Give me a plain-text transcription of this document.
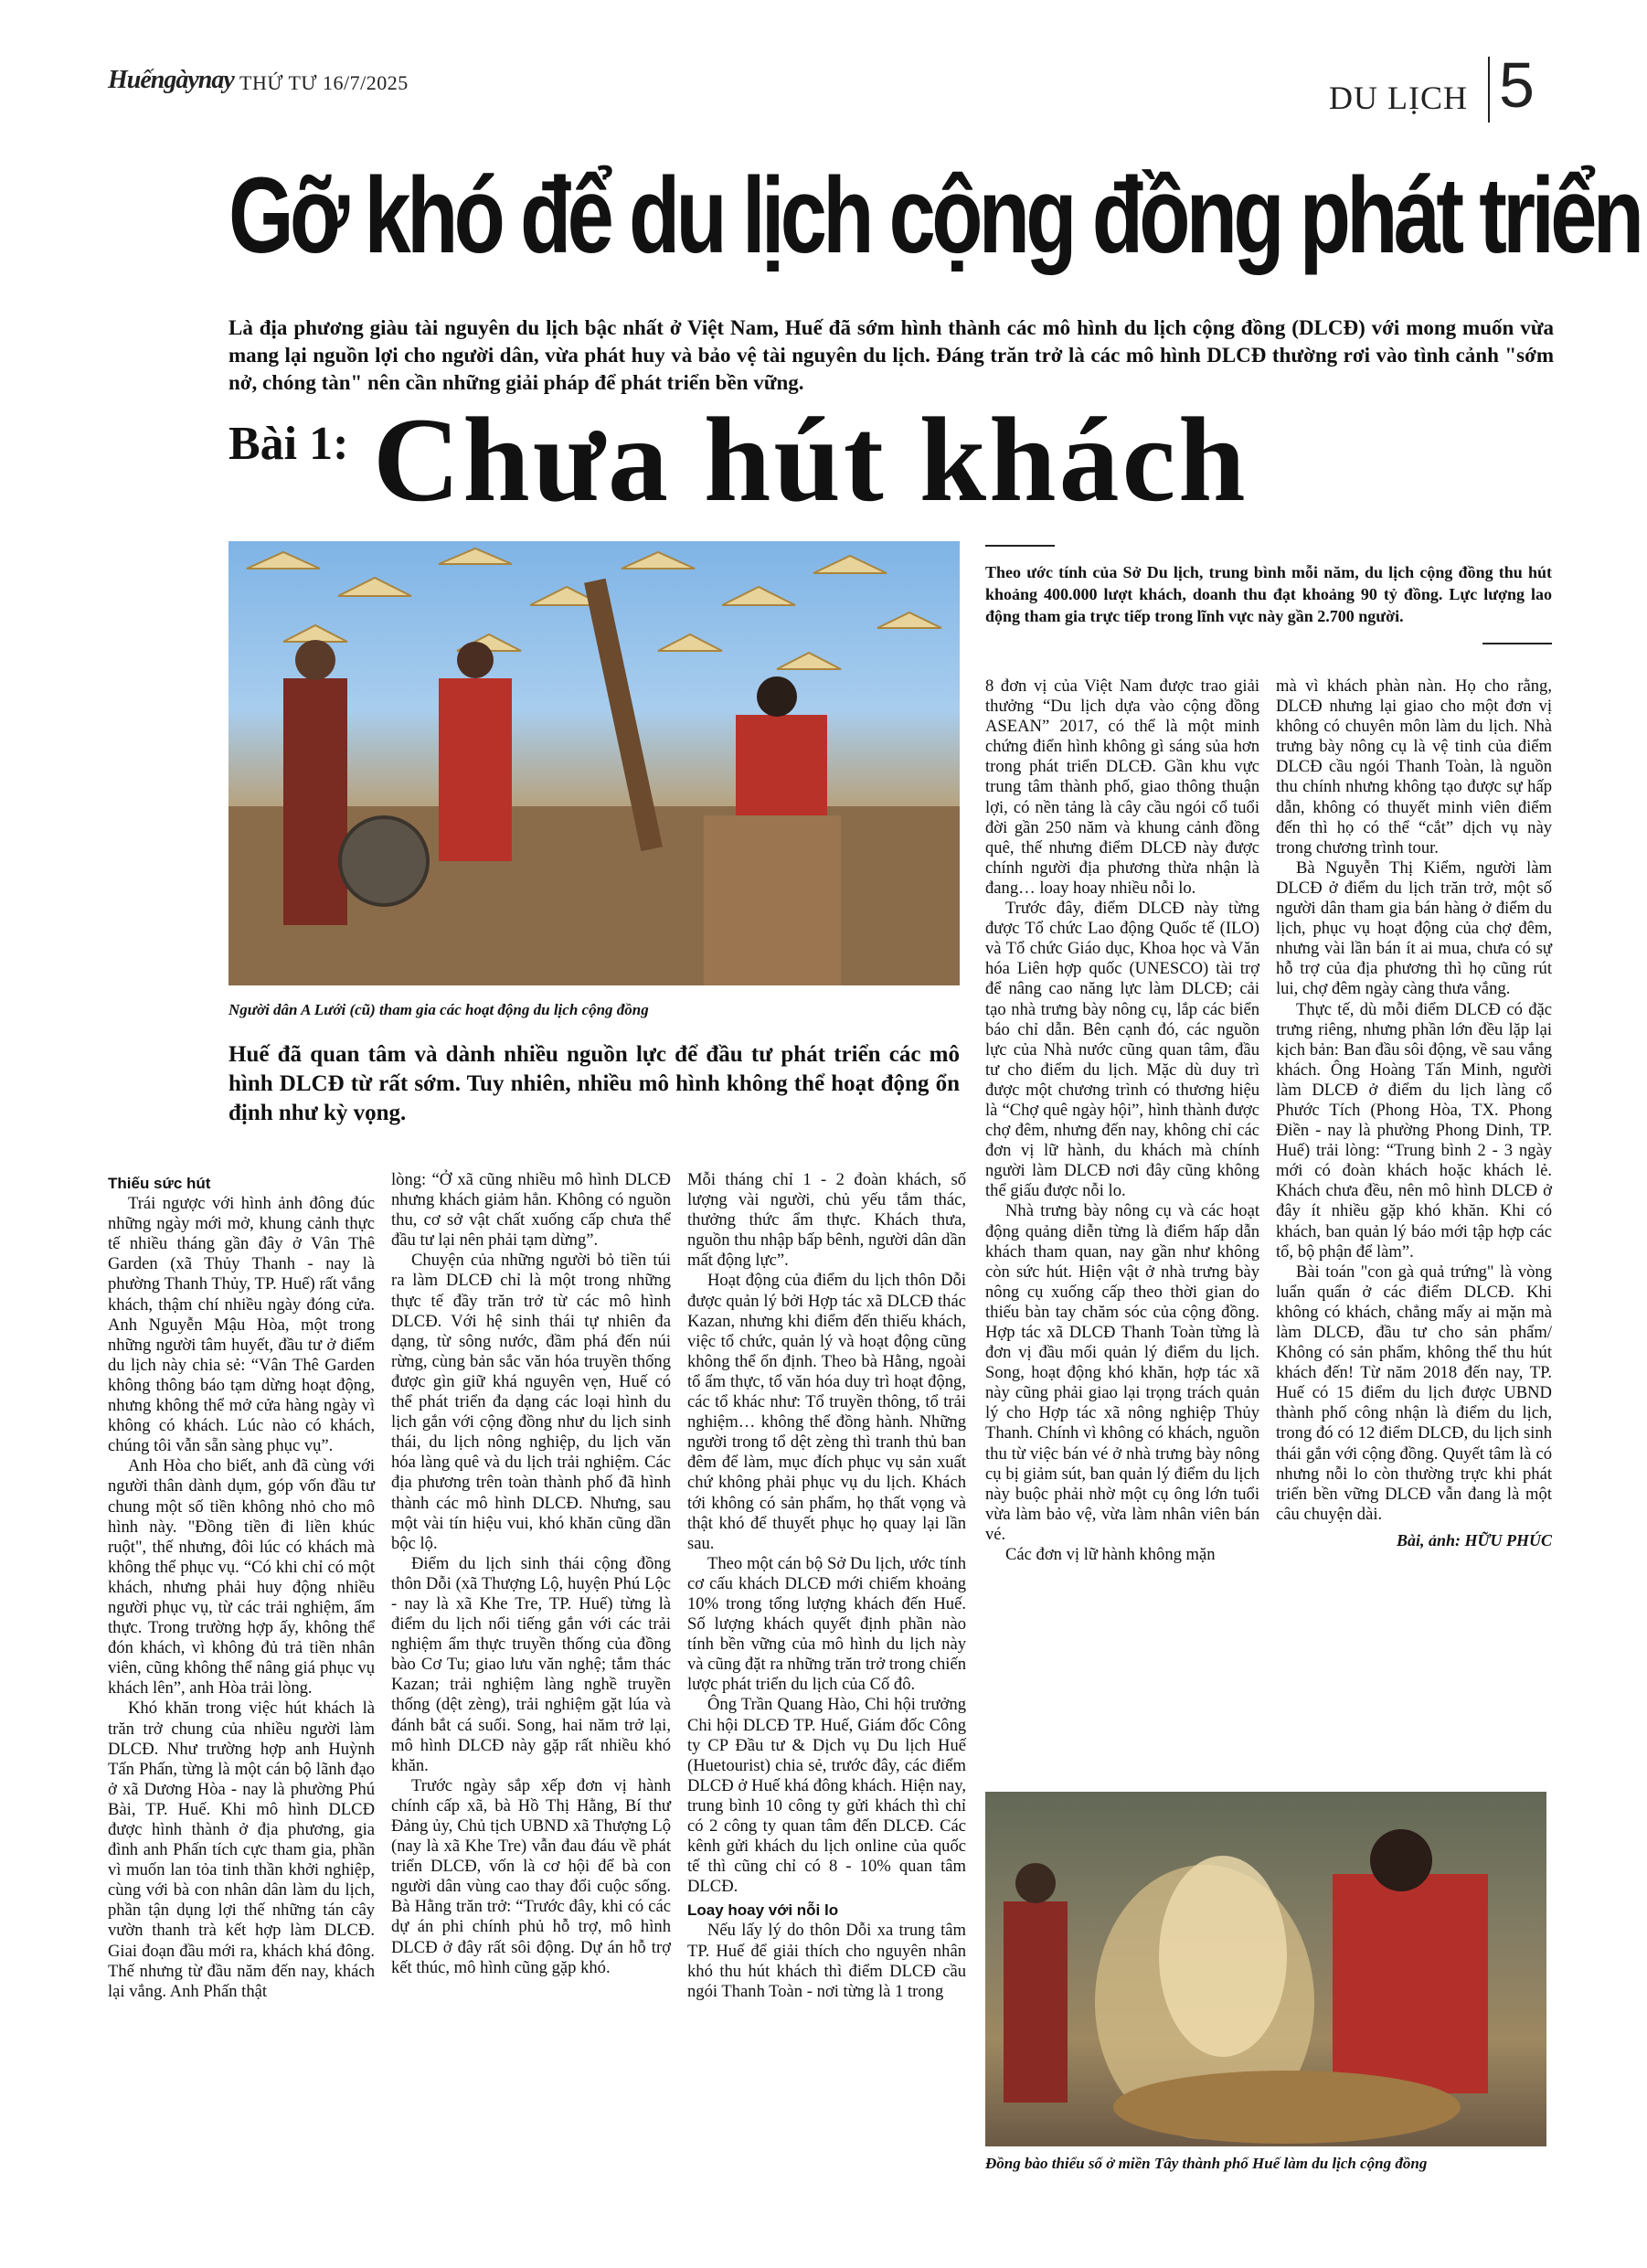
Huếngàynay THỨ TƯ 16/7/2025	DU LỊCH 5
Gỡ khó để du lịch cộng đồng phát triển
Là địa phương giàu tài nguyên du lịch bậc nhất ở Việt Nam, Huế đã sớm hình thành các mô hình du lịch cộng đồng (DLCĐ) với mong muốn vừa mang lại nguồn lợi cho người dân, vừa phát huy và bảo vệ tài nguyên du lịch. Đáng trăn trở là các mô hình DLCĐ thường rơi vào tình cảnh "sớm nở, chóng tàn" nên cần những giải pháp để phát triển bền vững.
Bài 1: Chưa hút khách
Người dân A Lưới (cũ) tham gia các hoạt động du lịch cộng đồng
Theo ước tính của Sở Du lịch, trung bình mỗi năm, du lịch cộng đồng thu hút khoảng 400.000 lượt khách, doanh thu đạt khoảng 90 tỷ đồng. Lực lượng lao động tham gia trực tiếp trong lĩnh vực này gần 2.700 người.
Huế đã quan tâm và dành nhiều nguồn lực để đầu tư phát triển các mô hình DLCĐ từ rất sớm. Tuy nhiên, nhiều mô hình không thể hoạt động ổn định như kỳ vọng.

Thiếu sức hút

Trái ngược với hình ảnh đông đúc những ngày mới mở, khung cảnh thực tế nhiều tháng gần đây ở Vân Thê Garden (xã Thủy Thanh - nay là phường Thanh Thủy, TP. Huế) rất vắng khách, thậm chí nhiều ngày đóng cửa. Anh Nguyễn Mậu Hòa, một trong những người tâm huyết, đầu tư ở điểm du lịch này chia sẻ: “Vân Thê Garden không thông báo tạm dừng hoạt động, nhưng không thể mở cửa hàng ngày vì không có khách. Lúc nào có khách, chúng tôi vẫn sẵn sàng phục vụ”.

Anh Hòa cho biết, anh đã cùng với người thân dành dụm, góp vốn đầu tư chung một số tiền không nhỏ cho mô hình này. "Đồng tiền đi liền khúc ruột", thế nhưng, đôi lúc có khách mà không thể phục vụ. “Có khi chỉ có một khách, nhưng phải huy động nhiều người phục vụ, từ các trải nghiệm, ẩm thực. Trong trường hợp ấy, không thể đón khách, vì không đủ trả tiền nhân viên, cũng không thể nâng giá phục vụ khách lên”, anh Hòa trải lòng.

Khó khăn trong việc hút khách là trăn trở chung của nhiều người làm DLCĐ. Như trường hợp anh Huỳnh Tấn Phấn, từng là một cán bộ lãnh đạo ở xã Dương Hòa - nay là phường Phú Bài, TP. Huế. Khi mô hình DLCĐ được hình thành ở địa phương, gia đình anh Phấn tích cực tham gia, phần vì muốn lan tỏa tinh thần khởi nghiệp, cùng với bà con nhân dân làm du lịch, phần tận dụng lợi thế những tán cây vườn thanh trà kết hợp làm DLCĐ. Giai đoạn đầu mới ra, khách khá đông. Thế nhưng từ đầu năm đến nay, khách lại vắng. Anh Phấn thật

lòng: “Ở xã cũng nhiều mô hình DLCĐ nhưng khách giảm hẳn. Không có nguồn thu, cơ sở vật chất xuống cấp chưa thể đầu tư lại nên phải tạm dừng”.

Chuyện của những người bỏ tiền túi ra làm DLCĐ chỉ là một trong những thực tế đầy trăn trở từ các mô hình DLCĐ. Với hệ sinh thái tự nhiên đa dạng, từ sông nước, đầm phá đến núi rừng, cùng bản sắc văn hóa truyền thống được gìn giữ khá nguyên vẹn, Huế có thể phát triển đa dạng các loại hình du lịch gắn với cộng đồng như du lịch sinh thái, du lịch nông nghiệp, du lịch văn hóa làng quê và du lịch trải nghiệm. Các địa phương trên toàn thành phố đã hình thành các mô hình DLCĐ. Nhưng, sau một vài tín hiệu vui, khó khăn cũng dần bộc lộ.

Điểm du lịch sinh thái cộng đồng thôn Dỗi (xã Thượng Lộ, huyện Phú Lộc - nay là xã Khe Tre, TP. Huế) từng là điểm du lịch nổi tiếng gắn với các trải nghiệm ẩm thực truyền thống của đồng bào Cơ Tu; giao lưu văn nghệ; tắm thác Kazan; trải nghiệm làng nghề truyền thống (dệt zèng), trải nghiệm gặt lúa và đánh bắt cá suối. Song, hai năm trở lại, mô hình DLCĐ này gặp rất nhiều khó khăn.

Trước ngày sắp xếp đơn vị hành chính cấp xã, bà Hồ Thị Hằng, Bí thư Đảng ủy, Chủ tịch UBND xã Thượng Lộ (nay là xã Khe Tre) vẫn đau đáu về phát triển DLCĐ, vốn là cơ hội để bà con người dân vùng cao thay đổi cuộc sống. Bà Hằng trăn trở: “Trước đây, khi có các dự án phi chính phủ hỗ trợ, mô hình DLCĐ ở đây rất sôi động. Dự án hỗ trợ kết thúc, mô hình cũng gặp khó.

Mỗi tháng chỉ 1 - 2 đoàn khách, số lượng vài người, chủ yếu tắm thác, thưởng thức ẩm thực. Khách thưa, nguồn thu nhập bấp bênh, người dân dần mất động lực”.

Hoạt động của điểm du lịch thôn Dỗi được quản lý bởi Hợp tác xã DLCĐ thác Kazan, nhưng khi điểm đến thiếu khách, việc tổ chức, quản lý và hoạt động cũng không thể ổn định. Theo bà Hằng, ngoài tổ ẩm thực, tổ văn hóa duy trì hoạt động, các tổ khác như: Tổ truyền thông, tổ trải nghiệm… không thể đồng hành. Những người trong tổ dệt zèng thì tranh thủ ban đêm để làm, mục đích phục vụ sản xuất chứ không phải phục vụ du lịch. Khách tới không có sản phẩm, họ thất vọng và thật khó để thuyết phục họ quay lại lần sau.

Theo một cán bộ Sở Du lịch, ước tính cơ cấu khách DLCĐ mới chiếm khoảng 10% trong tổng lượng khách đến Huế. Số lượng khách quyết định phần nào tính bền vững của mô hình du lịch này và cũng đặt ra những trăn trở trong chiến lược phát triển du lịch của Cố đô.

Ông Trần Quang Hào, Chi hội trưởng Chi hội DLCĐ TP. Huế, Giám đốc Công ty CP Đầu tư & Dịch vụ Du lịch Huế (Huetourist) chia sẻ, trước đây, các điểm DLCĐ ở Huế khá đông khách. Hiện nay, trung bình 10 công ty gửi khách thì chỉ có 2 công ty quan tâm đến DLCĐ. Các kênh gửi khách du lịch online của quốc tế thì cũng chỉ có 8 - 10% quan tâm DLCĐ.

Loay hoay với nỗi lo

Nếu lấy lý do thôn Dỗi xa trung tâm TP. Huế để giải thích cho nguyên nhân khó thu hút khách thì điểm DLCĐ cầu ngói Thanh Toàn - nơi từng là 1 trong

8 đơn vị của Việt Nam được trao giải thưởng “Du lịch dựa vào cộng đồng ASEAN” 2017, có thể là một minh chứng điển hình không gì sáng sủa hơn trong phát triển DLCĐ. Gần khu vực trung tâm thành phố, giao thông thuận lợi, có nền tảng là cây cầu ngói cổ tuổi đời gần 250 năm và khung cảnh đồng quê, thế nhưng điểm DLCĐ này được chính người địa phương thừa nhận là đang… loay hoay nhiều nỗi lo.

Trước đây, điểm DLCĐ này từng được Tổ chức Lao động Quốc tế (ILO) và Tổ chức Giáo dục, Khoa học và Văn hóa Liên hợp quốc (UNESCO) tài trợ để nâng cao năng lực làm DLCĐ; cải tạo nhà trưng bày nông cụ, lắp các biển báo chỉ dẫn. Bên cạnh đó, các nguồn lực của Nhà nước cũng quan tâm, đầu tư cho điểm du lịch. Mặc dù duy trì được một chương trình có thương hiệu là “Chợ quê ngày hội”, hình thành được chợ đêm, nhưng đến nay, không chỉ các đơn vị lữ hành, du khách mà chính người làm DLCĐ nơi đây cũng không thể giấu được nỗi lo.

Nhà trưng bày nông cụ và các hoạt động quảng diễn từng là điểm hấp dẫn khách tham quan, nay gần như không còn sức hút. Hiện vật ở nhà trưng bày nông cụ xuống cấp theo thời gian do thiếu bàn tay chăm sóc của cộng đồng. Hợp tác xã DLCĐ Thanh Toàn từng là đơn vị đầu mối quản lý điểm du lịch. Song, hoạt động khó khăn, hợp tác xã này cũng phải giao lại trọng trách quản lý cho Hợp tác xã nông nghiệp Thủy Thanh. Chính vì không có khách, nguồn thu từ việc bán vé ở nhà trưng bày nông cụ bị giảm sút, ban quản lý điểm du lịch này buộc phải nhờ một cụ ông lớn tuổi vừa làm bảo vệ, vừa làm nhân viên bán vé.

Các đơn vị lữ hành không mặn

mà vì khách phàn nàn. Họ cho rằng, DLCĐ nhưng lại giao cho một đơn vị không có chuyên môn làm du lịch. Nhà trưng bày nông cụ là vệ tinh của điểm DLCĐ cầu ngói Thanh Toàn, là nguồn thu chính nhưng không tạo được sự hấp dẫn, không có thuyết minh viên điểm đến thì họ có thể “cắt” dịch vụ này trong chương trình tour.

Bà Nguyễn Thị Kiểm, người làm DLCĐ ở điểm du lịch trăn trở, một số người dân tham gia bán hàng ở điểm du lịch, phục vụ hoạt động của chợ đêm, nhưng vài lần bán ít ai mua, chưa có sự hỗ trợ của địa phương thì họ cũng rút lui, chợ đêm ngày càng thưa vắng.

Thực tế, dù mỗi điểm DLCĐ có đặc trưng riêng, nhưng phần lớn đều lặp lại kịch bản: Ban đầu sôi động, về sau vắng khách. Ông Hoàng Tấn Minh, người làm DLCĐ ở điểm du lịch làng cổ Phước Tích (Phong Hòa, TX. Phong Điền - nay là phường Phong Dinh, TP. Huế) trải lòng: “Trung bình 2 - 3 ngày mới có đoàn khách hoặc khách lẻ. Khách chưa đều, nên mô hình DLCĐ ở đây ít nhiều gặp khó khăn. Khi có khách, ban quản lý báo mới tập hợp các tổ, bộ phận để làm”.

Bài toán "con gà quả trứng" là vòng luẩn quẩn ở các điểm DLCĐ. Khi không có khách, chẳng mấy ai mặn mà làm DLCĐ, đầu tư cho sản phẩm/ Không có sản phẩm, không thể thu hút khách đến! Từ năm 2018 đến nay, TP. Huế có 15 điểm du lịch được UBND thành phố công nhận là điểm du lịch, trong đó có 12 điểm DLCĐ, du lịch sinh thái gắn với cộng đồng. Quyết tâm là có nhưng nỗi lo còn thường trực khi phát triển bền vững DLCĐ vẫn đang là một câu chuyện dài.

Bài, ảnh: HỮU PHÚC

Đồng bào thiểu số ở miền Tây thành phố Huế làm du lịch cộng đồng
